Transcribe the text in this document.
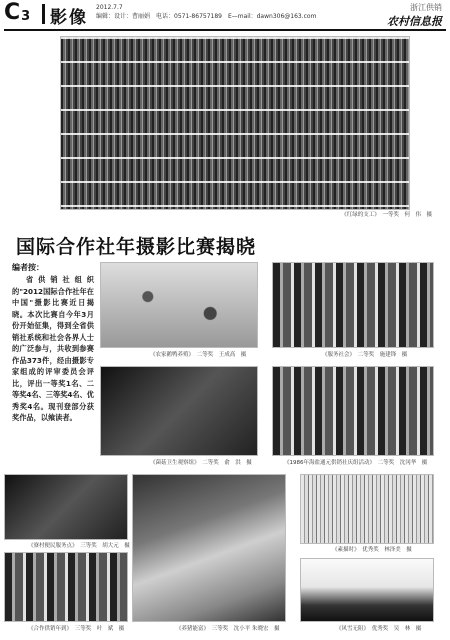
C 3 影像
2012.7.7
编辑：设计：曹丽娟　电话：0571-86757189　E—mail：dawn306@163.com
浙江供销
农村信息报
《红绿的支工》　一等奖　何　伟　摄
国际合作社年摄影比赛揭晓
编者按：
省供销社组织的"2012国际合作社年在中国"摄影比赛近日揭晓。本次比赛自今年3月份开始征集，得到全省供销社系统和社会各界人士的广泛参与，共收到参赛作品373件，经由摄影专家组成的评审委员会评比，评出一等奖1名、二等奖4名、三等奖4名、优秀奖4名。现刊登部分获奖作品，以飨读者。
《农家鹅鸭养殖》　二等奖　王成高　摄	《服务社会》　二等奖　施建锋　摄
《菌菇卫生观察组》　二等奖　俞　洪　摄	《1986年海盐通元供销社庆组活动》　二等奖　沈冈华　摄
《寮村便民服务点》　三等奖　胡大元　摄
《合作供销年到》　三等奖　叶　斌　摄	《养猪能富》　三等奖　沈小平 朱晓宏　摄
《素描时》　优秀奖　林泽美　摄
《风雪无阻》　优秀奖　吴　林　摄
